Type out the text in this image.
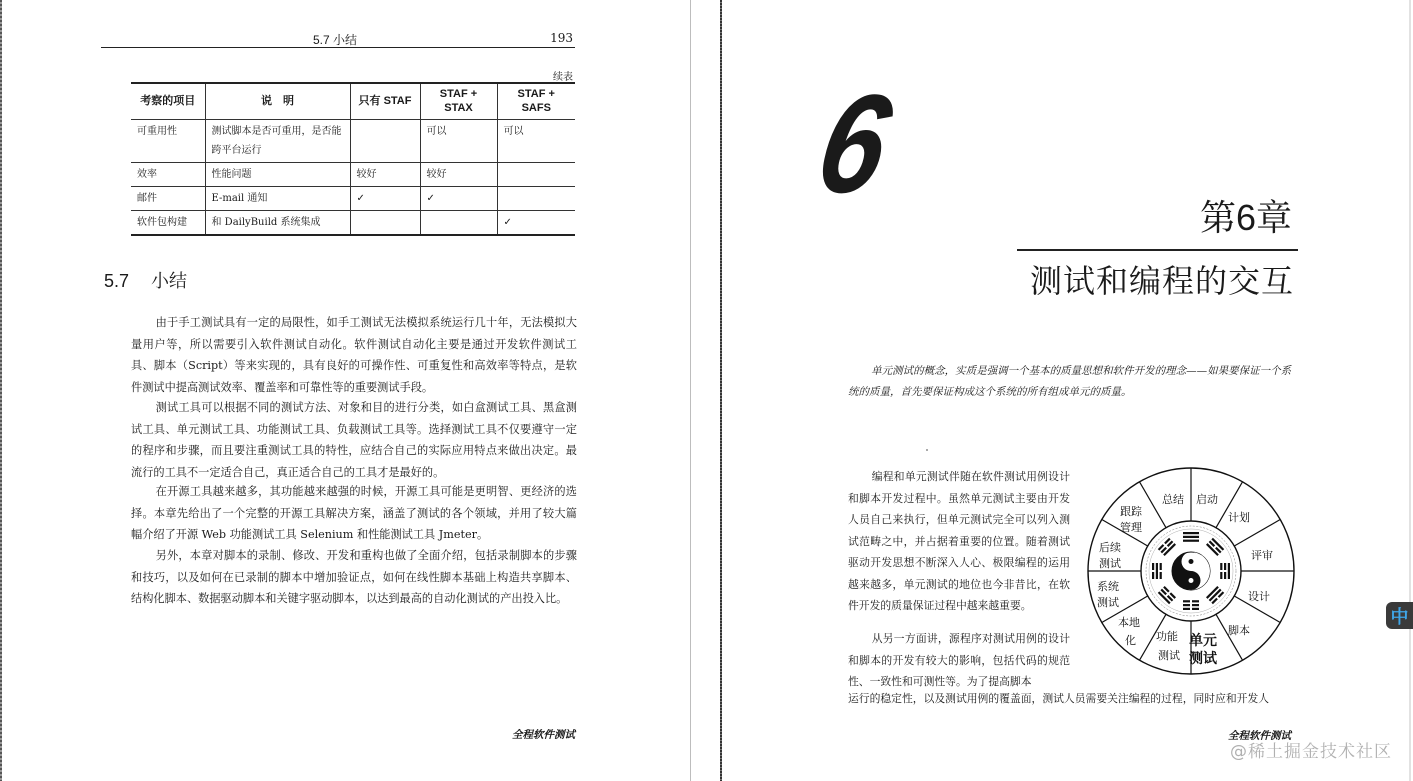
5.7 小结	193
续表
考察的项目	说　明	只有 STAF	STAF + STAX	STAF + SAFS
可重用性	测试脚本是否可重用，是否能跨平台运行		可以	可以
效率	性能问题	较好	较好	
邮件	E-mail 通知	✓	✓	
软件包构建	和 DailyBuild 系统集成			✓
5.7 小结

由于手工测试具有一定的局限性，如手工测试无法模拟系统运行几十年，无法模拟大量用户等，所以需要引入软件测试自动化。软件测试自动化主要是通过开发软件测试工具、脚本（Script）等来实现的，具有良好的可操作性、可重复性和高效率等特点，是软件测试中提高测试效率、覆盖率和可靠性等的重要测试手段。

测试工具可以根据不同的测试方法、对象和目的进行分类，如白盒测试工具、黑盒测试工具、单元测试工具、功能测试工具、负载测试工具等。选择测试工具不仅要遵守一定的程序和步骤，而且要注重测试工具的特性，应结合自己的实际应用特点来做出决定。最流行的工具不一定适合自己，真正适合自己的工具才是最好的。

在开源工具越来越多，其功能越来越强的时候，开源工具可能是更明智、更经济的选择。本章先给出了一个完整的开源工具解决方案，涵盖了测试的各个领域，并用了较大篇幅介绍了开源 Web 功能测试工具 Selenium 和性能测试工具 Jmeter。

另外，本章对脚本的录制、修改、开发和重构也做了全面介绍，包括录制脚本的步骤和技巧，以及如何在已录制的脚本中增加验证点，如何在线性脚本基础上构造共享脚本、结构化脚本、数据驱动脚本和关键字驱动脚本，以达到最高的自动化测试的产出投入比。

全程软件测试
6	第6章
测试和编程的交互

单元测试的概念，实质是强调一个基本的质量思想和软件开发的理念——如果要保证一个系统的质量，首先要保证构成这个系统的所有组成单元的质量。

编程和单元测试伴随在软件测试用例设计和脚本开发过程中。虽然单元测试主要由开发人员自己来执行，但单元测试完全可以列入测试范畴之中，并占据着重要的位置。随着测试驱动开发思想不断深入人心、极限编程的运用越来越多，单元测试的地位也今非昔比，在软件开发的质量保证过程中越来越重要。

从另一方面讲，源程序对测试用例的设计和脚本的开发有较大的影响，包括代码的规范性、一致性和可测性等。为了提高脚本

运行的稳定性，以及测试用例的覆盖面，测试人员需要关注编程的过程，同时应和开发人

总结 启动
计划
评审
设计
脚本
单元
测试
功能
测试
本地
化
系统
测试
后续
测试
跟踪
管理
全程软件测试
@稀土掘金技术社区
中
